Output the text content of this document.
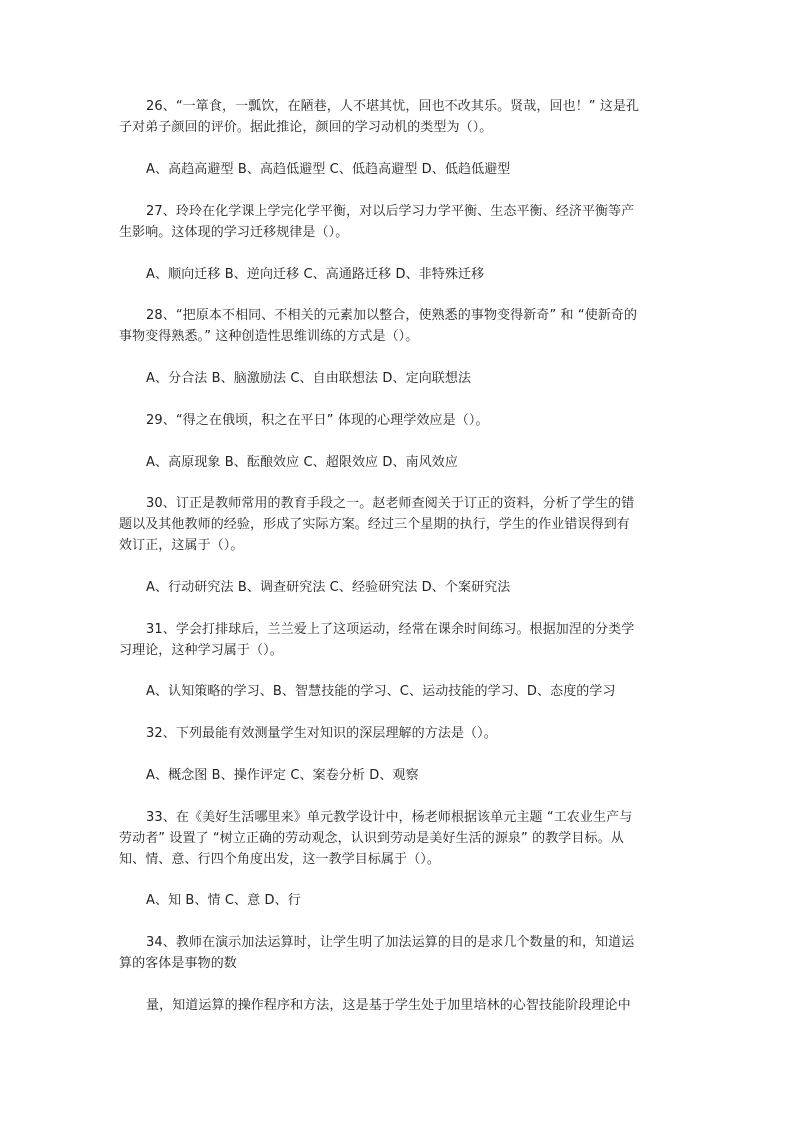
26、“一箪食，一瓢饮，在陋巷，人不堪其忧，回也不改其乐。贤哉，回也！” 这是孔
子对弟子颜回的评价。据此推论，颜回的学习动机的类型为（）。
A、高趋高避型 B、高趋低避型 C、低趋高避型 D、低趋低避型
27、玲玲在化学课上学完化学平衡，对以后学习力学平衡、生态平衡、经济平衡等产
生影响。这体现的学习迁移规律是（）。
A、顺向迁移 B、逆向迁移 C、高通路迁移 D、非特殊迁移
28、“把原本不相同、不相关的元素加以整合，使熟悉的事物变得新奇” 和 “使新奇的
事物变得熟悉。” 这种创造性思维训练的方式是（）。
A、分合法 B、脑激励法 C、自由联想法 D、定向联想法
29、“得之在俄顷，积之在平日” 体现的心理学效应是（）。
A、高原现象 B、酝酿效应 C、超限效应 D、南风效应
30、订正是教师常用的教育手段之一。赵老师查阅关于订正的资料，分析了学生的错
题以及其他教师的经验，形成了实际方案。经过三个星期的执行，学生的作业错误得到有
效订正，这属于（）。
A、行动研究法 B、调查研究法 C、经验研究法 D、个案研究法
31、学会打排球后，兰兰爱上了这项运动，经常在课余时间练习。根据加涅的分类学
习理论，这种学习属于（）。
A、认知策略的学习、B、智慧技能的学习、C、运动技能的学习、D、态度的学习
32、下列最能有效测量学生对知识的深层理解的方法是（）。
A、概念图 B、操作评定 C、案卷分析 D、观察
33、在《美好生活哪里来》单元教学设计中，杨老师根据该单元主题 “工农业生产与
劳动者” 设置了 “树立正确的劳动观念，认识到劳动是美好生活的源泉” 的教学目标。从
知、情、意、行四个角度出发，这一教学目标属于（）。
A、知 B、情 C、意 D、行
34、教师在演示加法运算时，让学生明了加法运算的目的是求几个数量的和，知道运
算的客体是事物的数
量，知道运算的操作程序和方法，这是基于学生处于加里培林的心智技能阶段理论中
